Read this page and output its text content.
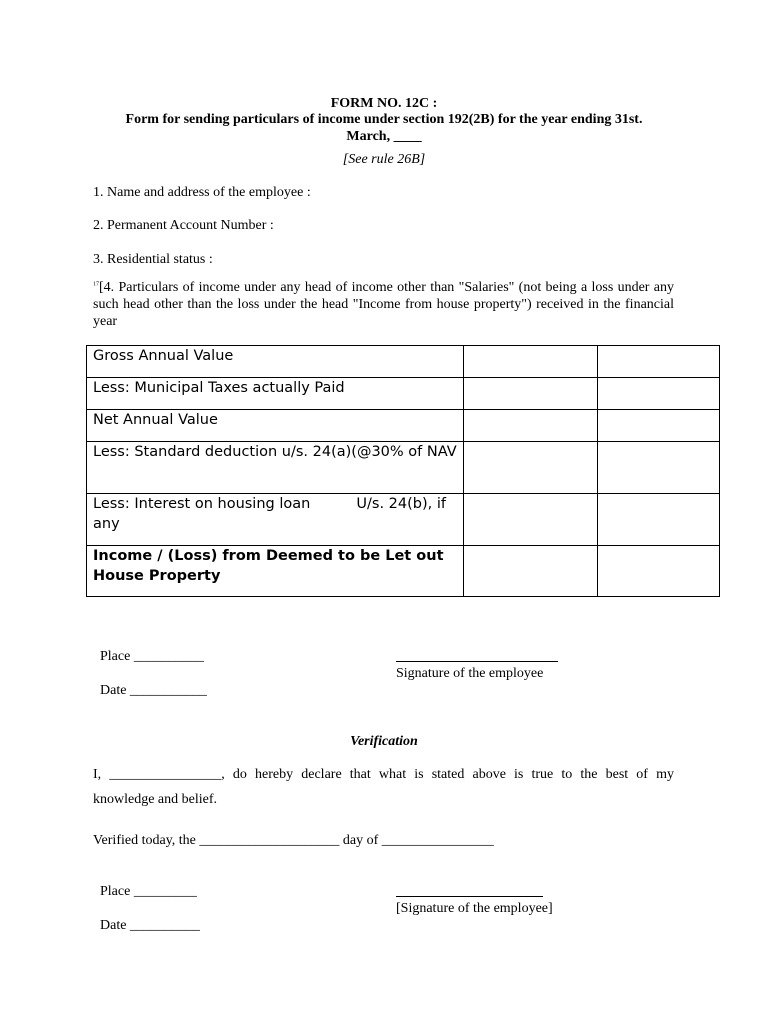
FORM NO. 12C :
Form for sending particulars of income under section 192(2B) for the year ending 31st.
March, ____
[See rule 26B]
1. Name and address of the employee :
2. Permanent Account Number :
3. Residential status :
$^{17}$[4. Particulars of income under any head of income other than "Salaries" (not being a loss under any such head other than the loss under the head "Income from house property") received in the financial year
Gross Annual Value		
Less: Municipal Taxes actually Paid		
Net Annual Value		
Less: Standard deduction u/s. 24(a)(@30% of NAV		
Less: Interest on housing loan          U/s. 24(b), if any		
Income / (Loss) from Deemed to be Let out House Property		
Place __________
Date ___________
Signature of the employee
Verification
I, ________________, do hereby declare that what is stated above is true to the best of my
knowledge and belief.
Verified today, the ____________________ day of ________________
Place _________
Date __________
[Signature of the employee]
